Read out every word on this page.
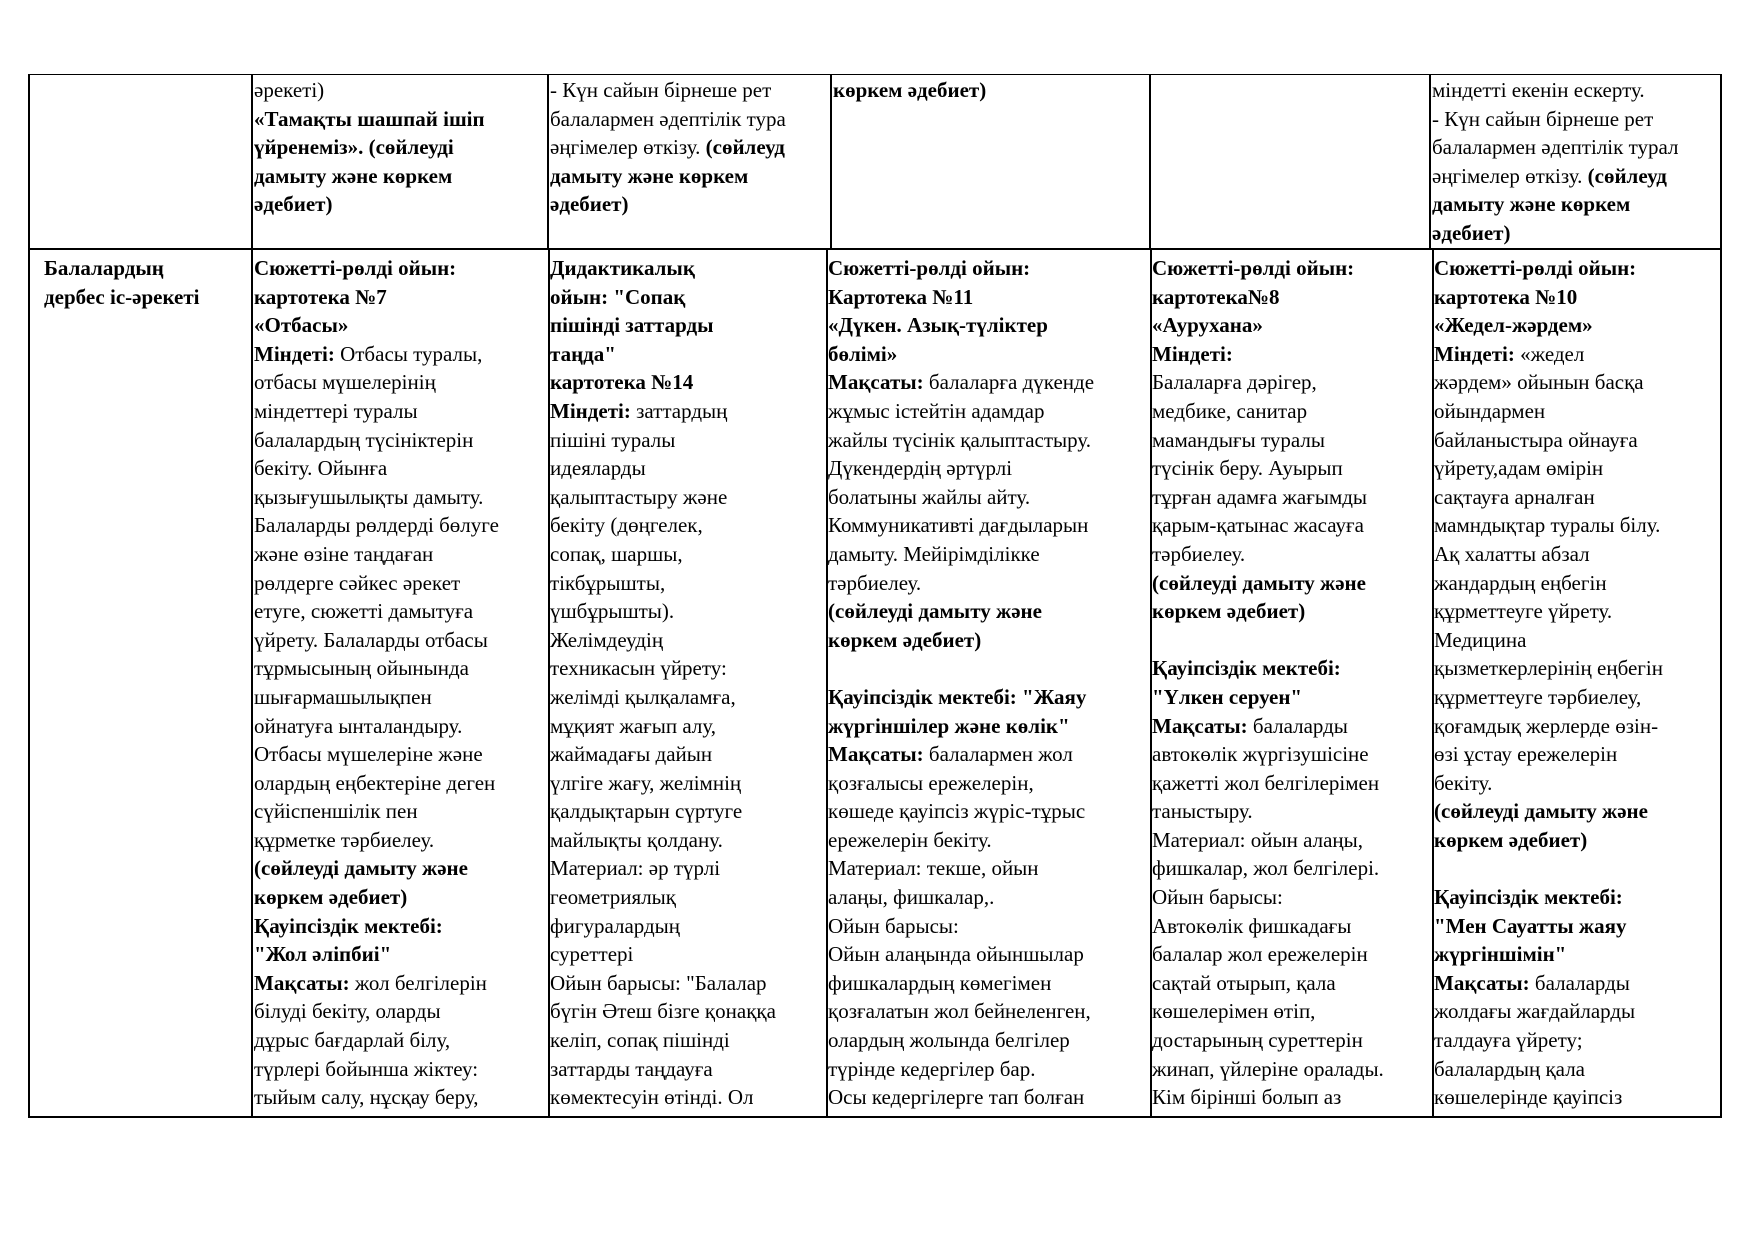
әрекеті)
«Тамақты шашпай ішіп
үйренеміз». (сөйлеуді
дамыту және көркем
әдебиет)
- Күн сайын бірнеше рет
балалармен әдептілік тура
әңгімелер өткізу. (сөйлеуд
дамыту және көркем
әдебиет)
көркем әдебиет)	міндетті екенін ескерту.
- Күн сайын бірнеше рет
балалармен әдептілік турал
әңгімелер өткізу. (сөйлеуд
дамыту және көркем
әдебиет)
Балалардың
дербес іс-әрекеті
Сюжетті-рөлді ойын:
картотека №7
«Отбасы»
Міндеті: Отбасы туралы,
отбасы мүшелерінің
міндеттері туралы
балалардың түсініктерін
бекіту. Ойынға
қызығушылықты дамыту.
Балаларды рөлдерді бөлуге
және өзіне таңдаған
рөлдерге сәйкес әрекет
етуге, сюжетті дамытуға
үйрету. Балаларды отбасы
тұрмысының ойынында
шығармашылықпен
ойнатуға ынталандыру.
Отбасы мүшелеріне және
олардың еңбектеріне деген
сүйіспеншілік пен
құрметке тәрбиелеу.
(сөйлеуді дамыту және
көркем әдебиет)
Қауіпсіздік мектебі:
"Жол әліпбиі"
Мақсаты: жол белгілерін
білуді бекіту, оларды
дұрыс бағдарлай білу,
түрлері бойынша жіктеу:
тыйым салу, нұсқау беру,
Дидактикалық
ойын: "Сопақ
пішінді заттарды
таңда"
картотека №14
Міндеті: заттардың
пішіні туралы
идеяларды
қалыптастыру және
бекіту (дөңгелек,
сопақ, шаршы,
тікбұрышты,
үшбұрышты).
Желімдеудің
техникасын үйрету:
желімді қылқаламға,
мұқият жағып алу,
жаймадағы дайын
үлгіге жағу, желімнің
қалдықтарын сүртуге
майлықты қолдану.
Материал: әр түрлі
геометриялық
фигуралардың
суреттері
Ойын барысы: "Балалар
бүгін Әтеш бізге қонаққа
келіп, сопақ пішінді
заттарды таңдауға
көмектесуін өтінді. Ол
Сюжетті-рөлді ойын:
Картотека №11
«Дүкен. Азық-түліктер
бөлімі»
Мақсаты: балаларға дүкенде
жұмыс істейтін адамдар
жайлы түсінік қалыптастыру.
Дүкендердің әртүрлі
болатыны жайлы айту.
Коммуникативті дағдыларын
дамыту. Мейірімділікке
тәрбиелеу.
(сөйлеуді дамыту және
көркем әдебиет)

Қауіпсіздік мектебі: "Жаяу
жүргіншілер және көлік"
Мақсаты: балалармен жол
қозғалысы ережелерін,
көшеде қауіпсіз жүріс-тұрыс
ережелерін бекіту.
Материал: текше, ойын
алаңы, фишкалар,.
Ойын барысы:
Ойын алаңында ойыншылар
фишкалардың көмегімен
қозғалатын жол бейнеленген,
олардың жолында белгілер
түрінде кедергілер бар.
Осы кедергілерге тап болған
Сюжетті-рөлді ойын:
картотека№8
«Аурухана»
Міндеті:
Балаларға дәрігер,
медбике, санитар
мамандығы туралы
түсінік беру. Ауырып
тұрған адамға жағымды
қарым-қатынас жасауға
тәрбиелеу.
(сөйлеуді дамыту және
көркем әдебиет)

Қауіпсіздік мектебі:
"Үлкен серуен"
Мақсаты: балаларды
автокөлік жүргізушісіне
қажетті жол белгілерімен
таныстыру.
Материал: ойын алаңы,
фишкалар, жол белгілері.
Ойын барысы:
Автокөлік фишкадағы
балалар жол ережелерін
сақтай отырып, қала
көшелерімен өтіп,
достарының суреттерін
жинап, үйлеріне оралады.
Кім бірінші болып аз
Сюжетті-рөлді ойын:
картотека №10
«Жедел-жәрдем»
Міндеті: «жедел
жәрдем» ойынын басқа
ойындармен
байланыстыра ойнауға
үйрету,адам өмірін
сақтауға арналған
мамндықтар туралы білу.
Ақ халатты абзал
жандардың еңбегін
құрметтеуге үйрету.
Медицина
қызметкерлерінің еңбегін
құрметтеуге тәрбиелеу,
қоғамдық жерлерде өзін-
өзі ұстау ережелерін
бекіту.
(сөйлеуді дамыту және
көркем әдебиет)

Қауіпсіздік мектебі:
"Мен Сауатты жаяу
жүргіншімін"
Мақсаты: балаларды
жолдағы жағдайларды
талдауға үйрету;
балалардың қала
көшелерінде қауіпсіз
